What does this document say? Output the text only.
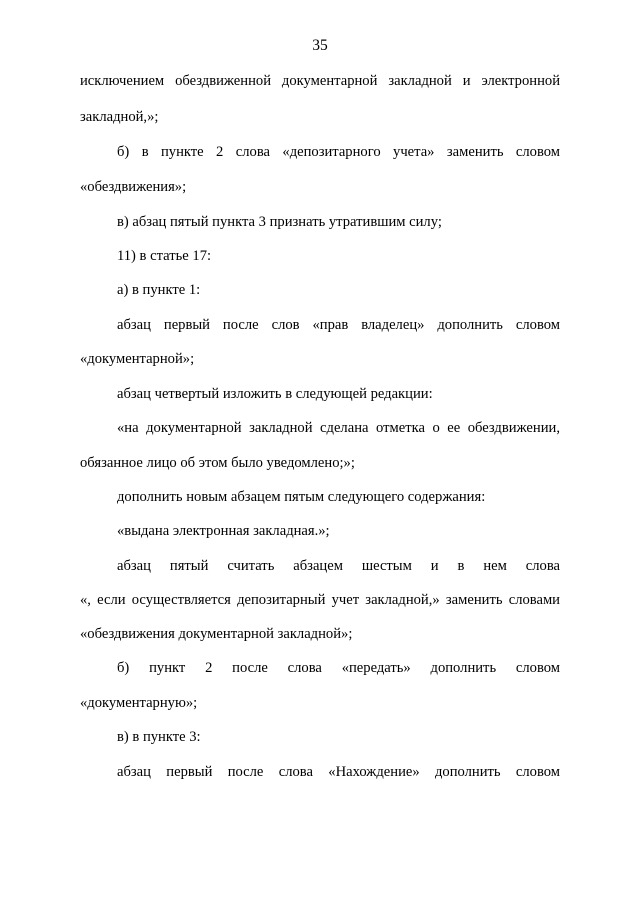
35
исключением обездвиженной документарной закладной и электронной
закладной,»;
б) в пункте 2 слова «депозитарного учета» заменить словом
«обездвижения»;
в) абзац пятый пункта 3 признать утратившим силу;
11) в статье 17:
а) в пункте 1:
абзац первый после слов «прав владелец» дополнить словом
«документарной»;
абзац четвертый изложить в следующей редакции:
«на документарной закладной сделана отметка о ее обездвижении,
обязанное лицо об этом было уведомлено;»;
дополнить новым абзацем пятым следующего содержания:
«выдана электронная закладная.»;
абзац пятый считать абзацем шестым и в нем слова
«, если осуществляется депозитарный учет закладной,» заменить словами
«обездвижения документарной закладной»;
б) пункт 2 после слова «передать» дополнить словом
«документарную»;
в) в пункте 3:
абзац первый после слова «Нахождение» дополнить словом
